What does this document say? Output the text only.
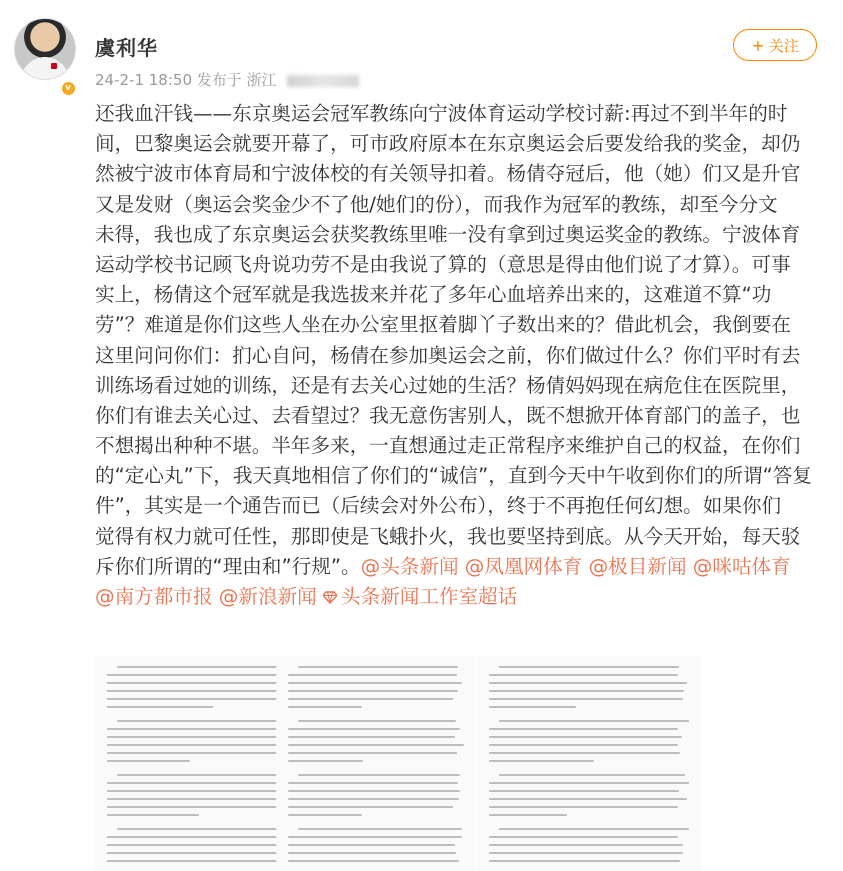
v
虞利华
24-2-1 18:50 发布于 浙江
+ 关注
还我血汗钱——东京奥运会冠军教练向宁波体育运动学校讨薪:再过不到半年的时
间，巴黎奥运会就要开幕了，可市政府原本在东京奥运会后要发给我的奖金，却仍
然被宁波市体育局和宁波体校的有关领导扣着。杨倩夺冠后，他（她）们又是升官
又是发财（奥运会奖金少不了他/她们的份），而我作为冠军的教练，却至今分文
未得，我也成了东京奥运会获奖教练里唯一没有拿到过奥运奖金的教练。宁波体育
运动学校书记顾飞舟说功劳不是由我说了算的（意思是得由他们说了才算）。可事
实上，杨倩这个冠军就是我选拔来并花了多年心血培养出来的，这难道不算“功
劳”？难道是你们这些人坐在办公室里抠着脚丫子数出来的？借此机会，我倒要在
这里问问你们：扪心自问，杨倩在参加奥运会之前，你们做过什么？你们平时有去
训练场看过她的训练，还是有去关心过她的生活？杨倩妈妈现在病危住在医院里，
你们有谁去关心过、去看望过？我无意伤害别人，既不想掀开体育部门的盖子，也
不想揭出种种不堪。半年多来，一直想通过走正常程序来维护自己的权益，在你们
的“定心丸”下，我天真地相信了你们的“诚信”，直到今天中午收到你们的所谓“答复
件”，其实是一个通告而已（后续会对外公布），终于不再抱任何幻想。如果你们
觉得有权力就可任性，那即使是飞蛾扑火，我也要坚持到底。从今天开始，每天驳
斥你们所谓的“理由和”行规”。@头条新闻 @凤凰网体育 @极目新闻 @咪咕体育
@南方都市报 @新浪新闻 头条新闻工作室超话
